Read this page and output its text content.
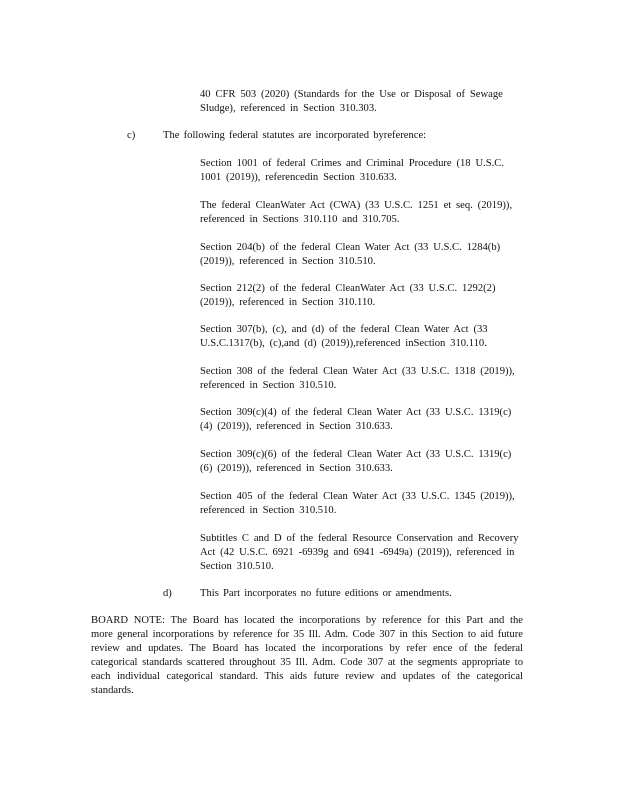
40 CFR 503 (2020) (Standards for the Use or Disposal of Sewage Sludge), referenced in Section 310.303.
c)	The following federal statutes are incorporated byreference:
Section 1001 of federal Crimes and Criminal Procedure (18 U.S.C. 1001 (2019)), referencedin Section 310.633.
The federal CleanWater Act (CWA) (33 U.S.C. 1251 et seq. (2019)), referenced in Sections 310.110 and 310.705.
Section 204(b) of the federal Clean Water Act (33 U.S.C. 1284(b) (2019)), referenced in Section 310.510.
Section 212(2) of the federal CleanWater Act (33 U.S.C. 1292(2) (2019)), referenced in Section 310.110.
Section 307(b), (c), and (d) of the federal Clean Water Act (33 U.S.C.1317(b), (c),and (d) (2019)),referenced inSection 310.110.
Section 308 of the federal Clean Water Act (33 U.S.C. 1318 (2019)), referenced in Section 310.510.
Section 309(c)(4) of the federal Clean Water Act (33 U.S.C. 1319(c)(4) (2019)), referenced in Section 310.633.
Section 309(c)(6) of the federal Clean Water Act (33 U.S.C. 1319(c)(6) (2019)), referenced in Section 310.633.
Section 405 of the federal Clean Water Act (33 U.S.C. 1345 (2019)), referenced in Section 310.510.
Subtitles C and D of the federal Resource Conservation and Recovery Act (42 U.S.C. 6921 -6939g and 6941 -6949a) (2019)), referenced in Section 310.510.
d)	This Part incorporates no future editions or amendments.
BOARD NOTE: The Board has located the incorporations by reference for this Part and the more general incorporations by reference for 35 Ill. Adm. Code 307 in this Section to aid future review and updates. The Board has located the incorporations by refer ence of the federal categorical standards scattered throughout 35 Ill. Adm. Code 307 at the segments appropriate to each individual categorical standard. This aids future review and updates of the categorical standards.
